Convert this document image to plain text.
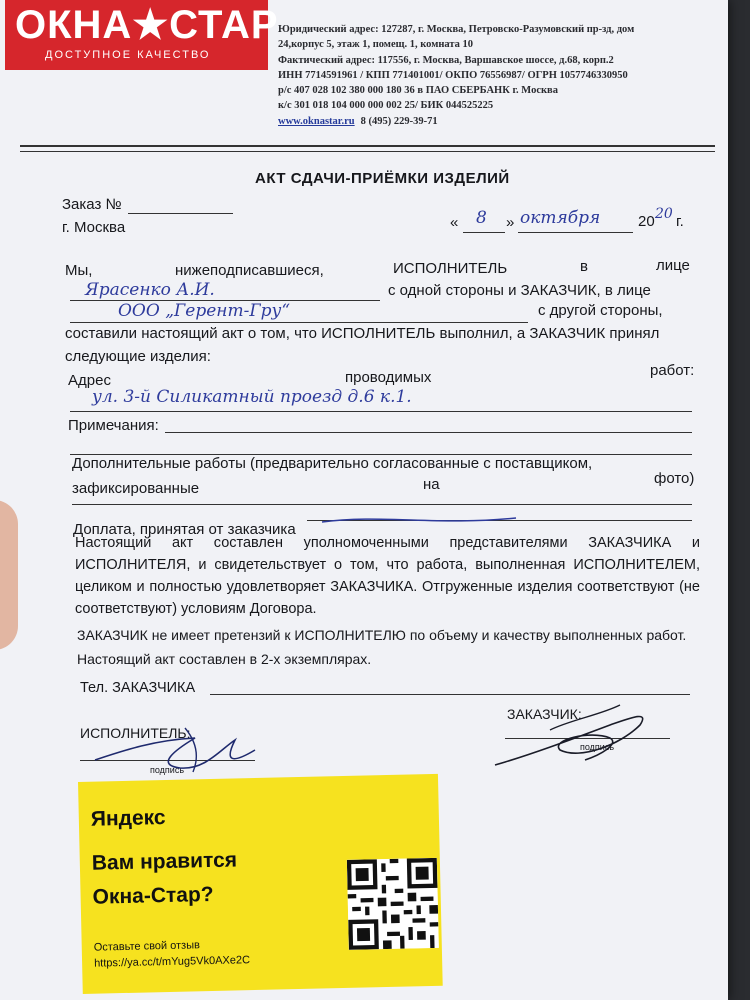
ОКНА★СТАР
ДОСТУПНОЕ КАЧЕСТВО
Юридический адрес: 127287, г. Москва, Петровско-Разумовский пр-зд, дом
24,корпус 5, этаж 1, помещ. 1, комната 10
Фактический адрес: 117556, г. Москва, Варшавское шоссе, д.68, корп.2
ИНН 7714591961 / КПП 771401001/ ОКПО 76556987/ ОГРН 1057746330950
р/с 407 028 102 380 000 180 36 в ПАО СБЕРБАНК г. Москва
к/с 301 018 104 000 000 002 25/ БИК 044525225
www.oknastar.ru 8 (495) 229-39-71
АКТ СДАЧИ-ПРИЁМКИ ИЗДЕЛИЙ
Заказ №
г. Москва	« 8 » октября	20 20 г.
Мы,	нижеподписавшиеся,	ИСПОЛНИТЕЛЬ	в	лице
Ярасенко А.И.	с одной стороны и ЗАКАЗЧИК, в лице
ООО „Герент-Гру“	с другой стороны,
составили настоящий акт о том, что ИСПОЛНИТЕЛЬ выполнил, а ЗАКАЗЧИК принял
следующие изделия:
Адрес	проводимых	работ:
ул. 3-й Силикатный проезд д.6 к.1.
Примечания:
Дополнительные работы (предварительно согласованные с поставщиком,
зафиксированные	на	фото)
Доплата, принятая от заказчика
Настоящий акт составлен уполномоченными представителями ЗАКАЗЧИКА и ИСПОЛНИТЕЛЯ, и свидетельствует о том, что работа, выполненная ИСПОЛНИТЕЛЕМ, целиком и полностью удовлетворяет ЗАКАЗЧИКА. Отгруженные изделия соответствуют (не соответствуют) условиям Договора.
ЗАКАЗЧИК не имеет претензий к ИСПОЛНИТЕЛЮ по объему и качеству выполненных работ.
Настоящий акт составлен в 2-х экземплярах.
Тел. ЗАКАЗЧИКА
ИСПОЛНИТЕЛЬ:
подпись
ЗАКАЗЧИК:
подпись
Яндекс
Вам нравится
Окна-Стар?
Оставьте свой отзыв
https://ya.cc/t/mYug5Vk0AXe2C
